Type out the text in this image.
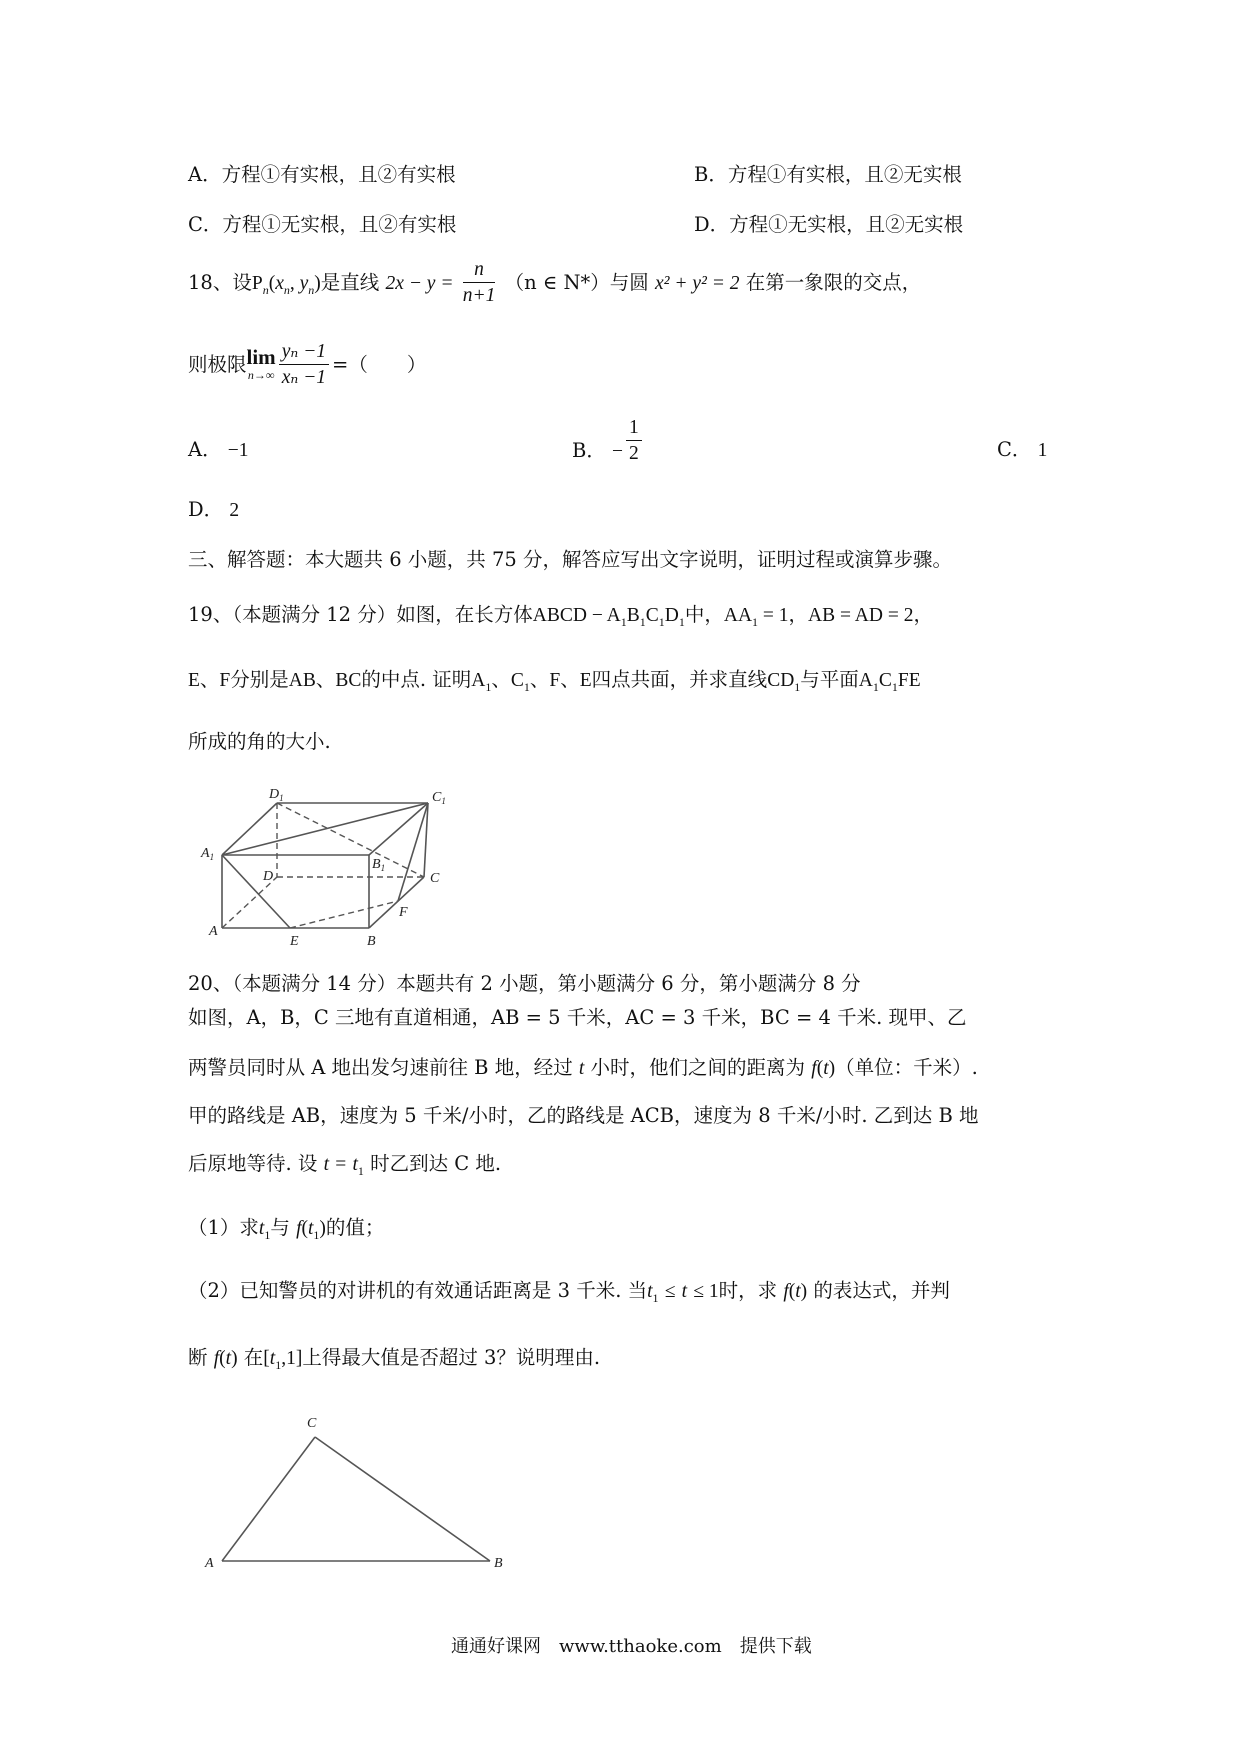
A．方程①有实根，且②有实根	B．方程①有实根，且②无实根
C．方程①无实根，且②有实根	D．方程①无实根，且②无实根
18、设$P_n(x_n$, $y_n$)是直线 $2x - y = \frac{n}{n+1} (n$ ∈ N*）与圆 x² + y² = 2 在第一象限的交点，
则极限 lim
$n\to\infty \frac{\text{yₙ −1}}{\text{xₙ −1}}$ =（　　）
A． −1	B． − $\frac{1}{2}$	C． 1
D． 2
三、解答题：本大题共 6 小题，共 75 分，解答应写出文字说明，证明过程或演算步骤。
19、（本题满分 12 分）如图，在长方体ABCD − $A_1B_1C_1D_1$中，$AA_1 = 1$，AB = AD = 2，
E、F分别是AB、BC的中点. 证明$A_1$、$C_1$、F、E四点共面，并求直线$CD_1$与平面$A_1C_1FE$
所成的角的大小.
$D_1$	$C_1$
$A_1$	$B_1$
D	C
A
E	B
F
20、（本题满分 14 分）本题共有 2 小题，第小题满分 6 分，第小题满分 8 分
如图，A，B，C 三地有直道相通，AB = 5 千米，AC = 3 千米，BC = 4 千米. 现甲、乙
两警员同时从 A 地出发匀速前往 B 地，经过 t 小时，他们之间的距离为 f(t)（单位：千米）.
甲的路线是 AB，速度为 5 千米/小时，乙的路线是 ACB，速度为 8 千米/小时. 乙到达 B 地
后原地等待. 设 $t = t_1$ 时乙到达 C 地.
（1）求$t_1$与 $f(t_1)$的值；
（2）已知警员的对讲机的有效通话距离是 3 千米. 当$t_1 \le t \le 1$时，求 f(t) 的表达式，并判
断 f(t) 在$[t_1,1]$上得最大值是否超过 3？说明理由.
C
A	B
通通好课网　www.tthaoke.com　提供下载
